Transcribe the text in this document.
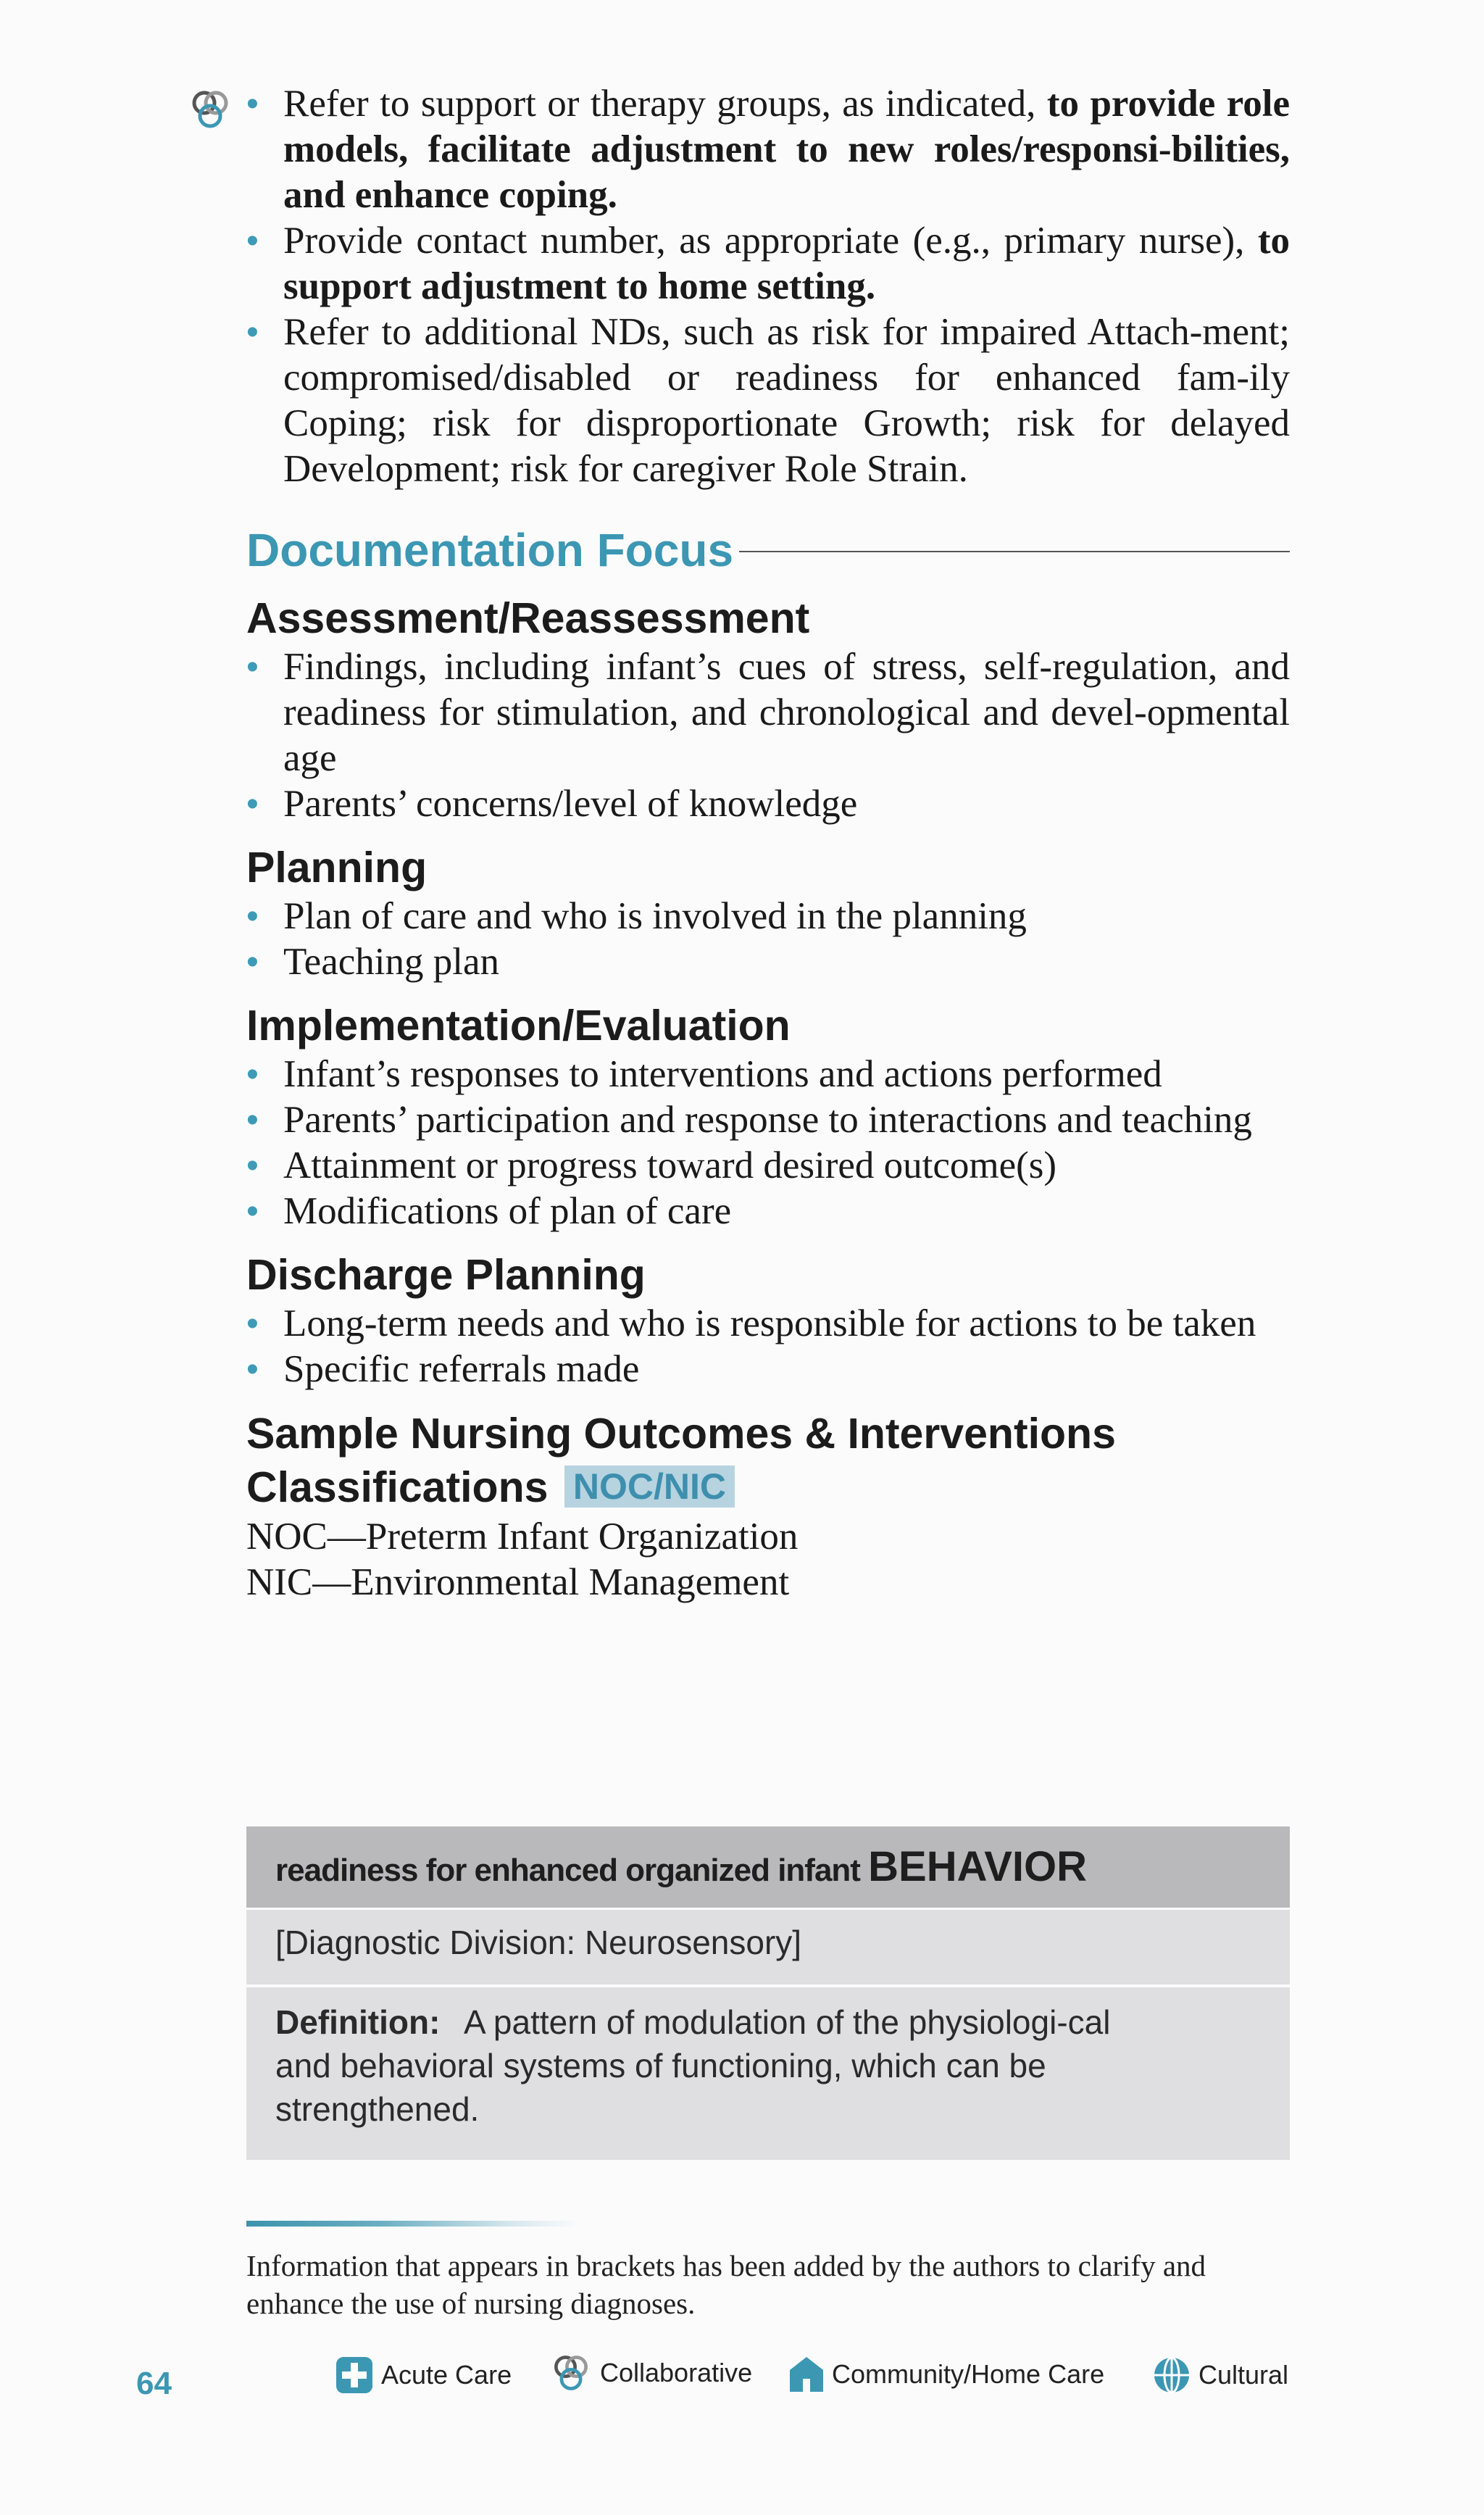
• Refer to support or therapy groups, as indicated, to provide role models, facilitate adjustment to new roles/responsi-bilities, and enhance coping.
• Provide contact number, as appropriate (e.g., primary nurse), to support adjustment to home setting.
• Refer to additional NDs, such as risk for impaired Attach-ment; compromised/disabled or readiness for enhanced fam-ily Coping; risk for disproportionate Growth; risk for delayed Development; risk for caregiver Role Strain.
Documentation Focus
Assessment/Reassessment
• Findings, including infant’s cues of stress, self-regulation, and readiness for stimulation, and chronological and devel-opmental age
• Parents’ concerns/level of knowledge
Planning
• Plan of care and who is involved in the planning
• Teaching plan
Implementation/Evaluation
• Infant’s responses to interventions and actions performed
• Parents’ participation and response to interactions and teaching
• Attainment or progress toward desired outcome(s)
• Modifications of plan of care
Discharge Planning
• Long-term needs and who is responsible for actions to be taken
• Specific referrals made
Sample Nursing Outcomes & Interventions
Classifications NOC/NIC
NOC—Preterm Infant Organization
NIC—Environmental Management
readiness for enhanced organized infant BEHAVIOR
[Diagnostic Division: Neurosensory]
Definition: A pattern of modulation of the physiologi-cal and behavioral systems of functioning, which can be strengthened.
Information that appears in brackets has been added by the authors to clarify and enhance the use of nursing diagnoses.
64	Acute Care	Collaborative	Community/Home Care	Cultural
